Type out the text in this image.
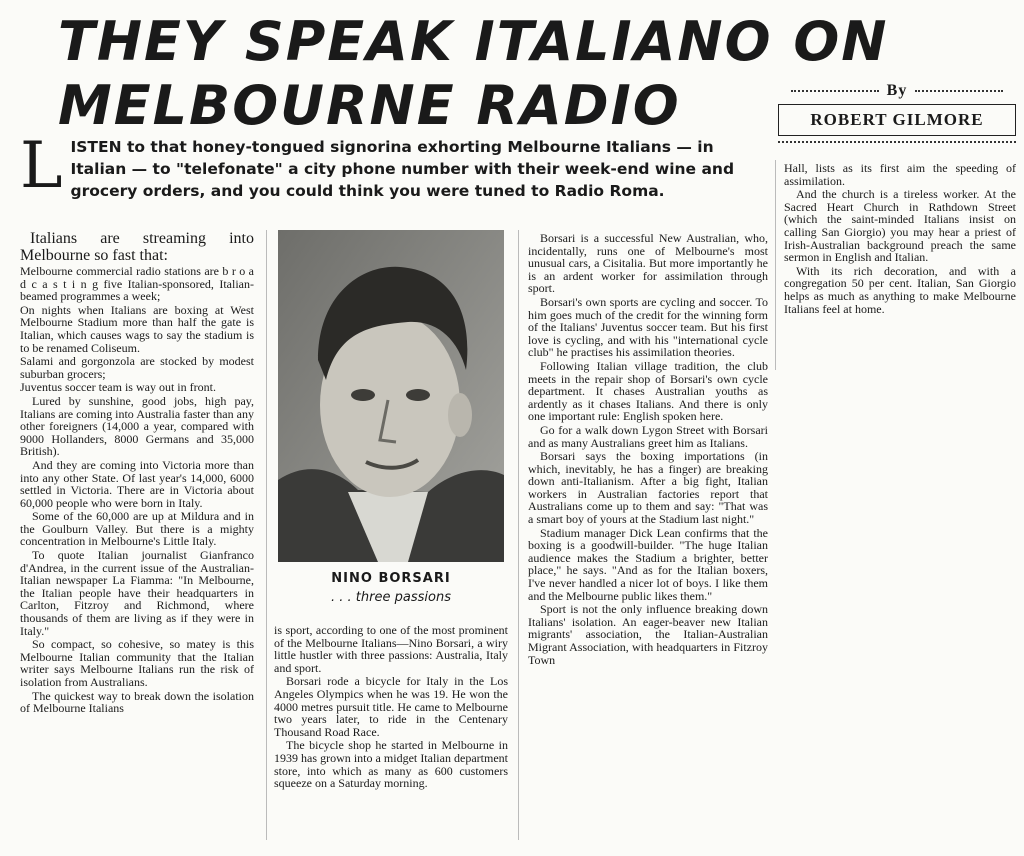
THEY SPEAK ITALIANO ON
MELBOURNE RADIO	By
ROBERT GILMORE

L ISTEN to that honey-tongued signorina exhorting Melbourne Italians — in Italian — to "telefonate" a city phone number with their week-end wine and grocery orders, and you could think you were tuned to Radio Roma.

Italians are streaming into Melbourne so fast that:

Melbourne commercial radio stations are b r o a d c a s t i n g five Italian-sponsored, Italian-beamed programmes a week;

On nights when Italians are boxing at West Melbourne Stadium more than half the gate is Italian, which causes wags to say the stadium is to be renamed Coliseum.

Salami and gorgonzola are stocked by modest suburban grocers;

Juventus soccer team is way out in front.

Lured by sunshine, good jobs, high pay, Italians are coming into Australia faster than any other foreigners (14,000 a year, compared with 9000 Hollanders, 8000 Germans and 35,000 British).

And they are coming into Victoria more than into any other State. Of last year's 14,000, 6000 settled in Victoria. There are in Victoria about 60,000 people who were born in Italy.

Some of the 60,000 are up at Mildura and in the Goulburn Valley. But there is a mighty concentration in Melbourne's Little Italy.

To quote Italian journalist Gianfranco d'Andrea, in the current issue of the Australian-Italian newspaper La Fiamma: "In Melbourne, the Italian people have their headquarters in Carlton, Fitzroy and Richmond, where thousands of them are living as if they were in Italy."

So compact, so cohesive, so matey is this Melbourne Italian community that the Italian writer says Melbourne Italians run the risk of isolation from Australians.

The quickest way to break down the isolation of Melbourne Italians

NINO BORSARI
. . . three passions

is sport, according to one of the most prominent of the Melbourne Italians—Nino Borsari, a wiry little hustler with three passions: Australia, Italy and sport.

Borsari rode a bicycle for Italy in the Los Angeles Olympics when he was 19. He won the 4000 metres pursuit title. He came to Melbourne two years later, to ride in the Centenary Thousand Road Race.

The bicycle shop he started in Melbourne in 1939 has grown into a midget Italian department store, into which as many as 600 customers squeeze on a Saturday morning.

Borsari is a successful New Australian, who, incidentally, runs one of Melbourne's most unusual cars, a Cisitalia. But more importantly he is an ardent worker for assimilation through sport.

Borsari's own sports are cycling and soccer. To him goes much of the credit for the winning form of the Italians' Juventus soccer team. But his first love is cycling, and with his "international cycle club" he practises his assimilation theories.

Following Italian village tradition, the club meets in the repair shop of Borsari's own cycle department. It chases Australian youths as ardently as it chases Italians. And there is only one important rule: English spoken here.

Go for a walk down Lygon Street with Borsari and as many Australians greet him as Italians.

Borsari says the boxing importations (in which, inevitably, he has a finger) are breaking down anti-Italianism. After a big fight, Italian workers in Australian factories report that Australians come up to them and say: "That was a smart boy of yours at the Stadium last night."

Stadium manager Dick Lean confirms that the boxing is a goodwill-builder. "The huge Italian audience makes the Stadium a brighter, better place," he says. "And as for the Italian boxers, I've never handled a nicer lot of boys. I like them and the Melbourne public likes them."

Sport is not the only influence breaking down Italians' isolation. An eager-beaver new Italian migrants' association, the Italian-Australian Migrant Association, with headquarters in Fitzroy Town

Hall, lists as its first aim the speeding of assimilation.

And the church is a tireless worker. At the Sacred Heart Church in Rathdown Street (which the saint-minded Italians insist on calling San Giorgio) you may hear a priest of Irish-Australian background preach the same sermon in English and Italian.

With its rich decoration, and with a congregation 50 per cent. Italian, San Giorgio helps as much as anything to make Melbourne Italians feel at home.
